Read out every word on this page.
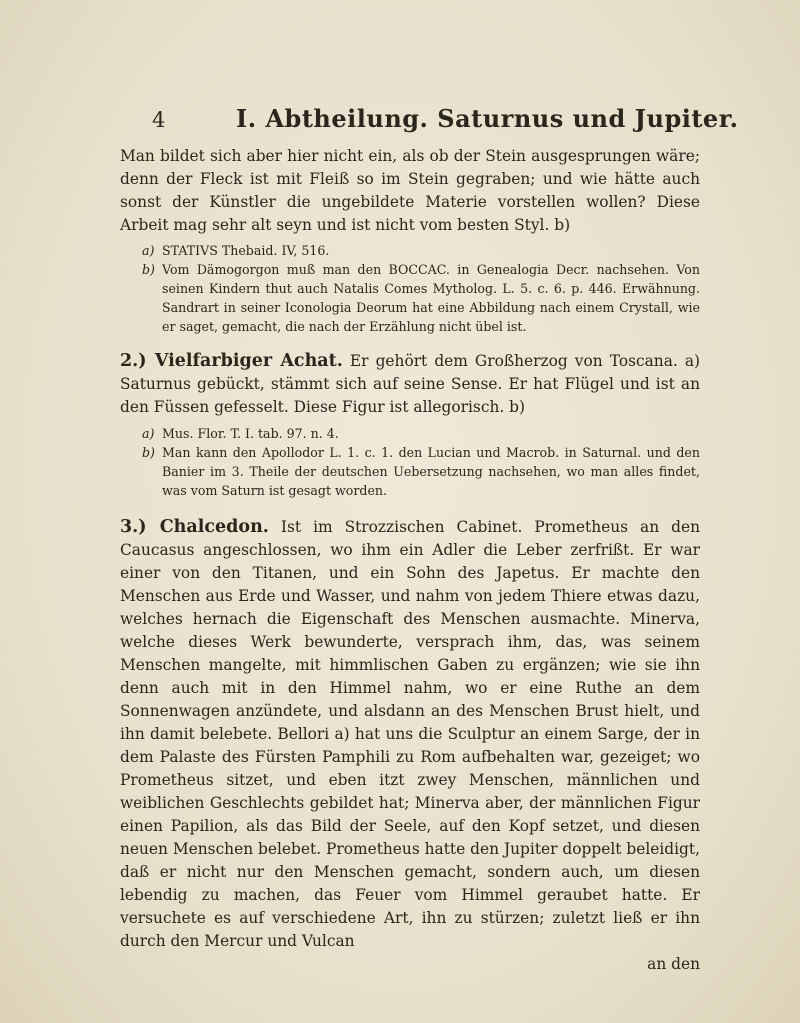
4	I. Abtheilung. Saturnus und Jupiter.

Man bildet sich aber hier nicht ein, als ob der Stein ausgesprungen wäre; denn der Fleck ist mit Fleiß so im Stein gegraben; und wie hätte auch sonst der Künstler die ungebildete Materie vorstellen wollen? Diese Arbeit mag sehr alt seyn und ist nicht vom besten Styl. b)

a) STATIVS Thebaid. IV, 516.

b) Vom Dämogorgon muß man den BOCCAC. in Genealogia Decr. nachsehen. Von seinen Kindern thut auch Natalis Comes Mytholog. L. 5. c. 6. p. 446. Erwähnung. Sandrart in seiner Iconologia Deorum hat eine Abbildung nach einem Crystall, wie er saget, gemacht, die nach der Erzählung nicht übel ist.

2.) Vielfarbiger Achat. Er gehört dem Großherzog von Toscana. a) Saturnus gebückt, stämmt sich auf seine Sense. Er hat Flügel und ist an den Füssen gefesselt. Diese Figur ist allegorisch. b)

a) Mus. Flor. T. I. tab. 97. n. 4.

b) Man kann den Apollodor L. 1. c. 1. den Lucian und Macrob. in Saturnal. und den Banier im 3. Theile der deutschen Uebersetzung nachsehen, wo man alles findet, was vom Saturn ist gesagt worden.

3.) Chalcedon. Ist im Strozzischen Cabinet. Prometheus an den Caucasus angeschlossen, wo ihm ein Adler die Leber zerfrißt. Er war einer von den Titanen, und ein Sohn des Japetus. Er machte den Menschen aus Erde und Wasser, und nahm von jedem Thiere etwas dazu, welches hernach die Eigenschaft des Menschen ausmachte. Minerva, welche dieses Werk bewunderte, versprach ihm, das, was seinem Menschen mangelte, mit himmlischen Gaben zu ergänzen; wie sie ihn denn auch mit in den Himmel nahm, wo er eine Ruthe an dem Sonnenwagen anzündete, und alsdann an des Menschen Brust hielt, und ihn damit belebete. Bellori a) hat uns die Sculptur an einem Sarge, der in dem Palaste des Fürsten Pamphili zu Rom aufbehalten war, gezeiget; wo Prometheus sitzet, und eben itzt zwey Menschen, männlichen und weiblichen Geschlechts gebildet hat; Minerva aber, der männlichen Figur einen Papilion, als das Bild der Seele, auf den Kopf setzet, und diesen neuen Menschen belebet. Prometheus hatte den Jupiter doppelt beleidigt, daß er nicht nur den Menschen gemacht, sondern auch, um diesen lebendig zu machen, das Feuer vom Himmel geraubet hatte. Er versuchete es auf verschiedene Art, ihn zu stürzen; zuletzt ließ er ihn durch den Mercur und Vulcan

an den
